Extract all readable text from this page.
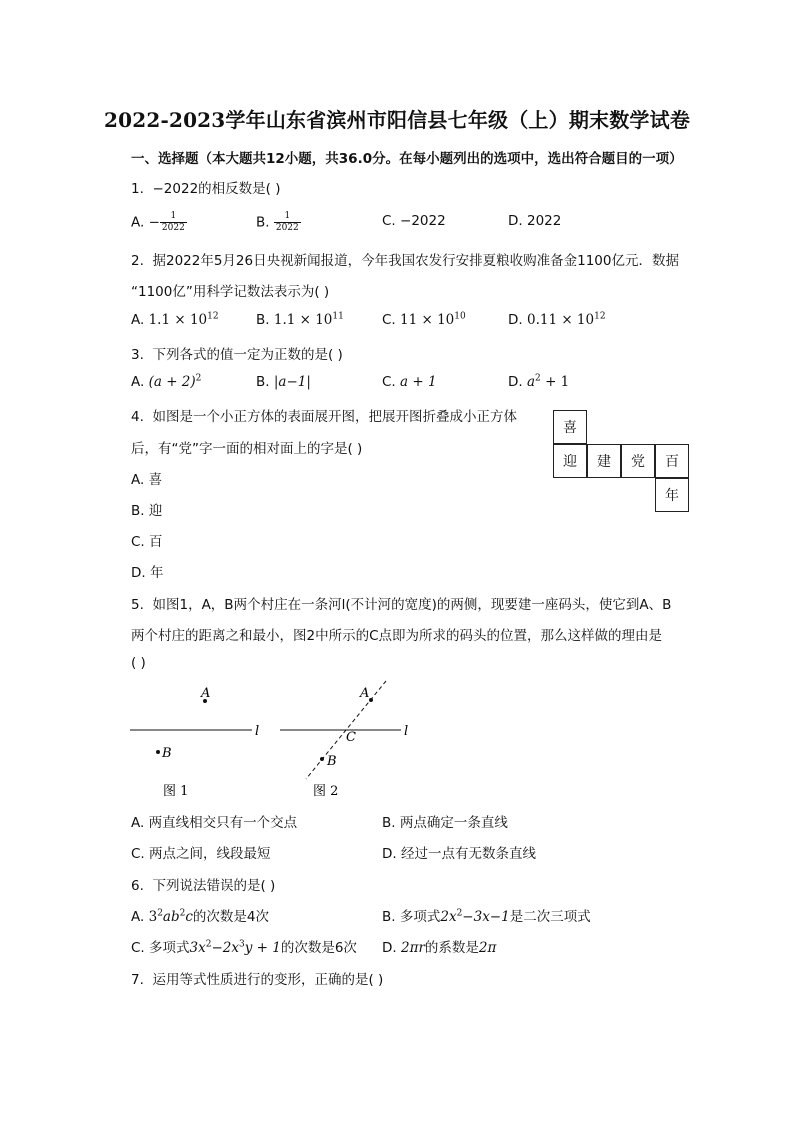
2022-2023学年山东省滨州市阳信县七年级（上）期末数学试卷
一、选择题（本大题共12小题，共36.0分。在每小题列出的选项中，选出符合题目的一项）
1. −2022的相反数是( )
A. − $\frac{1}{2022}$	B. $\frac{1}{2022}$	C. −2022	D. 2022
2. 据2022年5月26日央视新闻报道，今年我国农发行安排夏粮收购准备金1100亿元．数据
“1100亿”用科学记数法表示为( )
A. $1.1 \times 10^{12}$	B. $1.1 \times 10^{11}$	C. $11 \times 10^{10}$	D. $0.11 \times 10^{12}$
3. 下列各式的值一定为正数的是( )
A. $(a + 2)^2$	B. |a−1|	C. a + 1	D. $a^2 + 1$
4. 如图是一个小正方体的表面展开图，把展开图折叠成小正方体
后，有“党”字一面的相对面上的字是( )
A. 喜
B. 迎
C. 百
D. 年
喜
迎	建	党	百
年
5. 如图1，A，B两个村庄在一条河l(不计河的宽度)的两侧，现要建一座码头，使它到A、B
两个村庄的距离之和最小，图2中所示的C点即为所求的码头的位置，那么这样做的理由是
( )
l
A
B
图 1
l
A
B
C
图 2
A. 两直线相交只有一个交点	B. 两点确定一条直线
C. 两点之间，线段最短	D. 经过一点有无数条直线
6. 下列说法错误的是( )
A. $3^2ab^2c$的次数是4次	B. 多项式$2x^2-3x-1$是二次三项式
C. 多项式$3x^2-2x^3y + 1$的次数是6次 D. 2πr的系数是2π
7. 运用等式性质进行的变形，正确的是( )
